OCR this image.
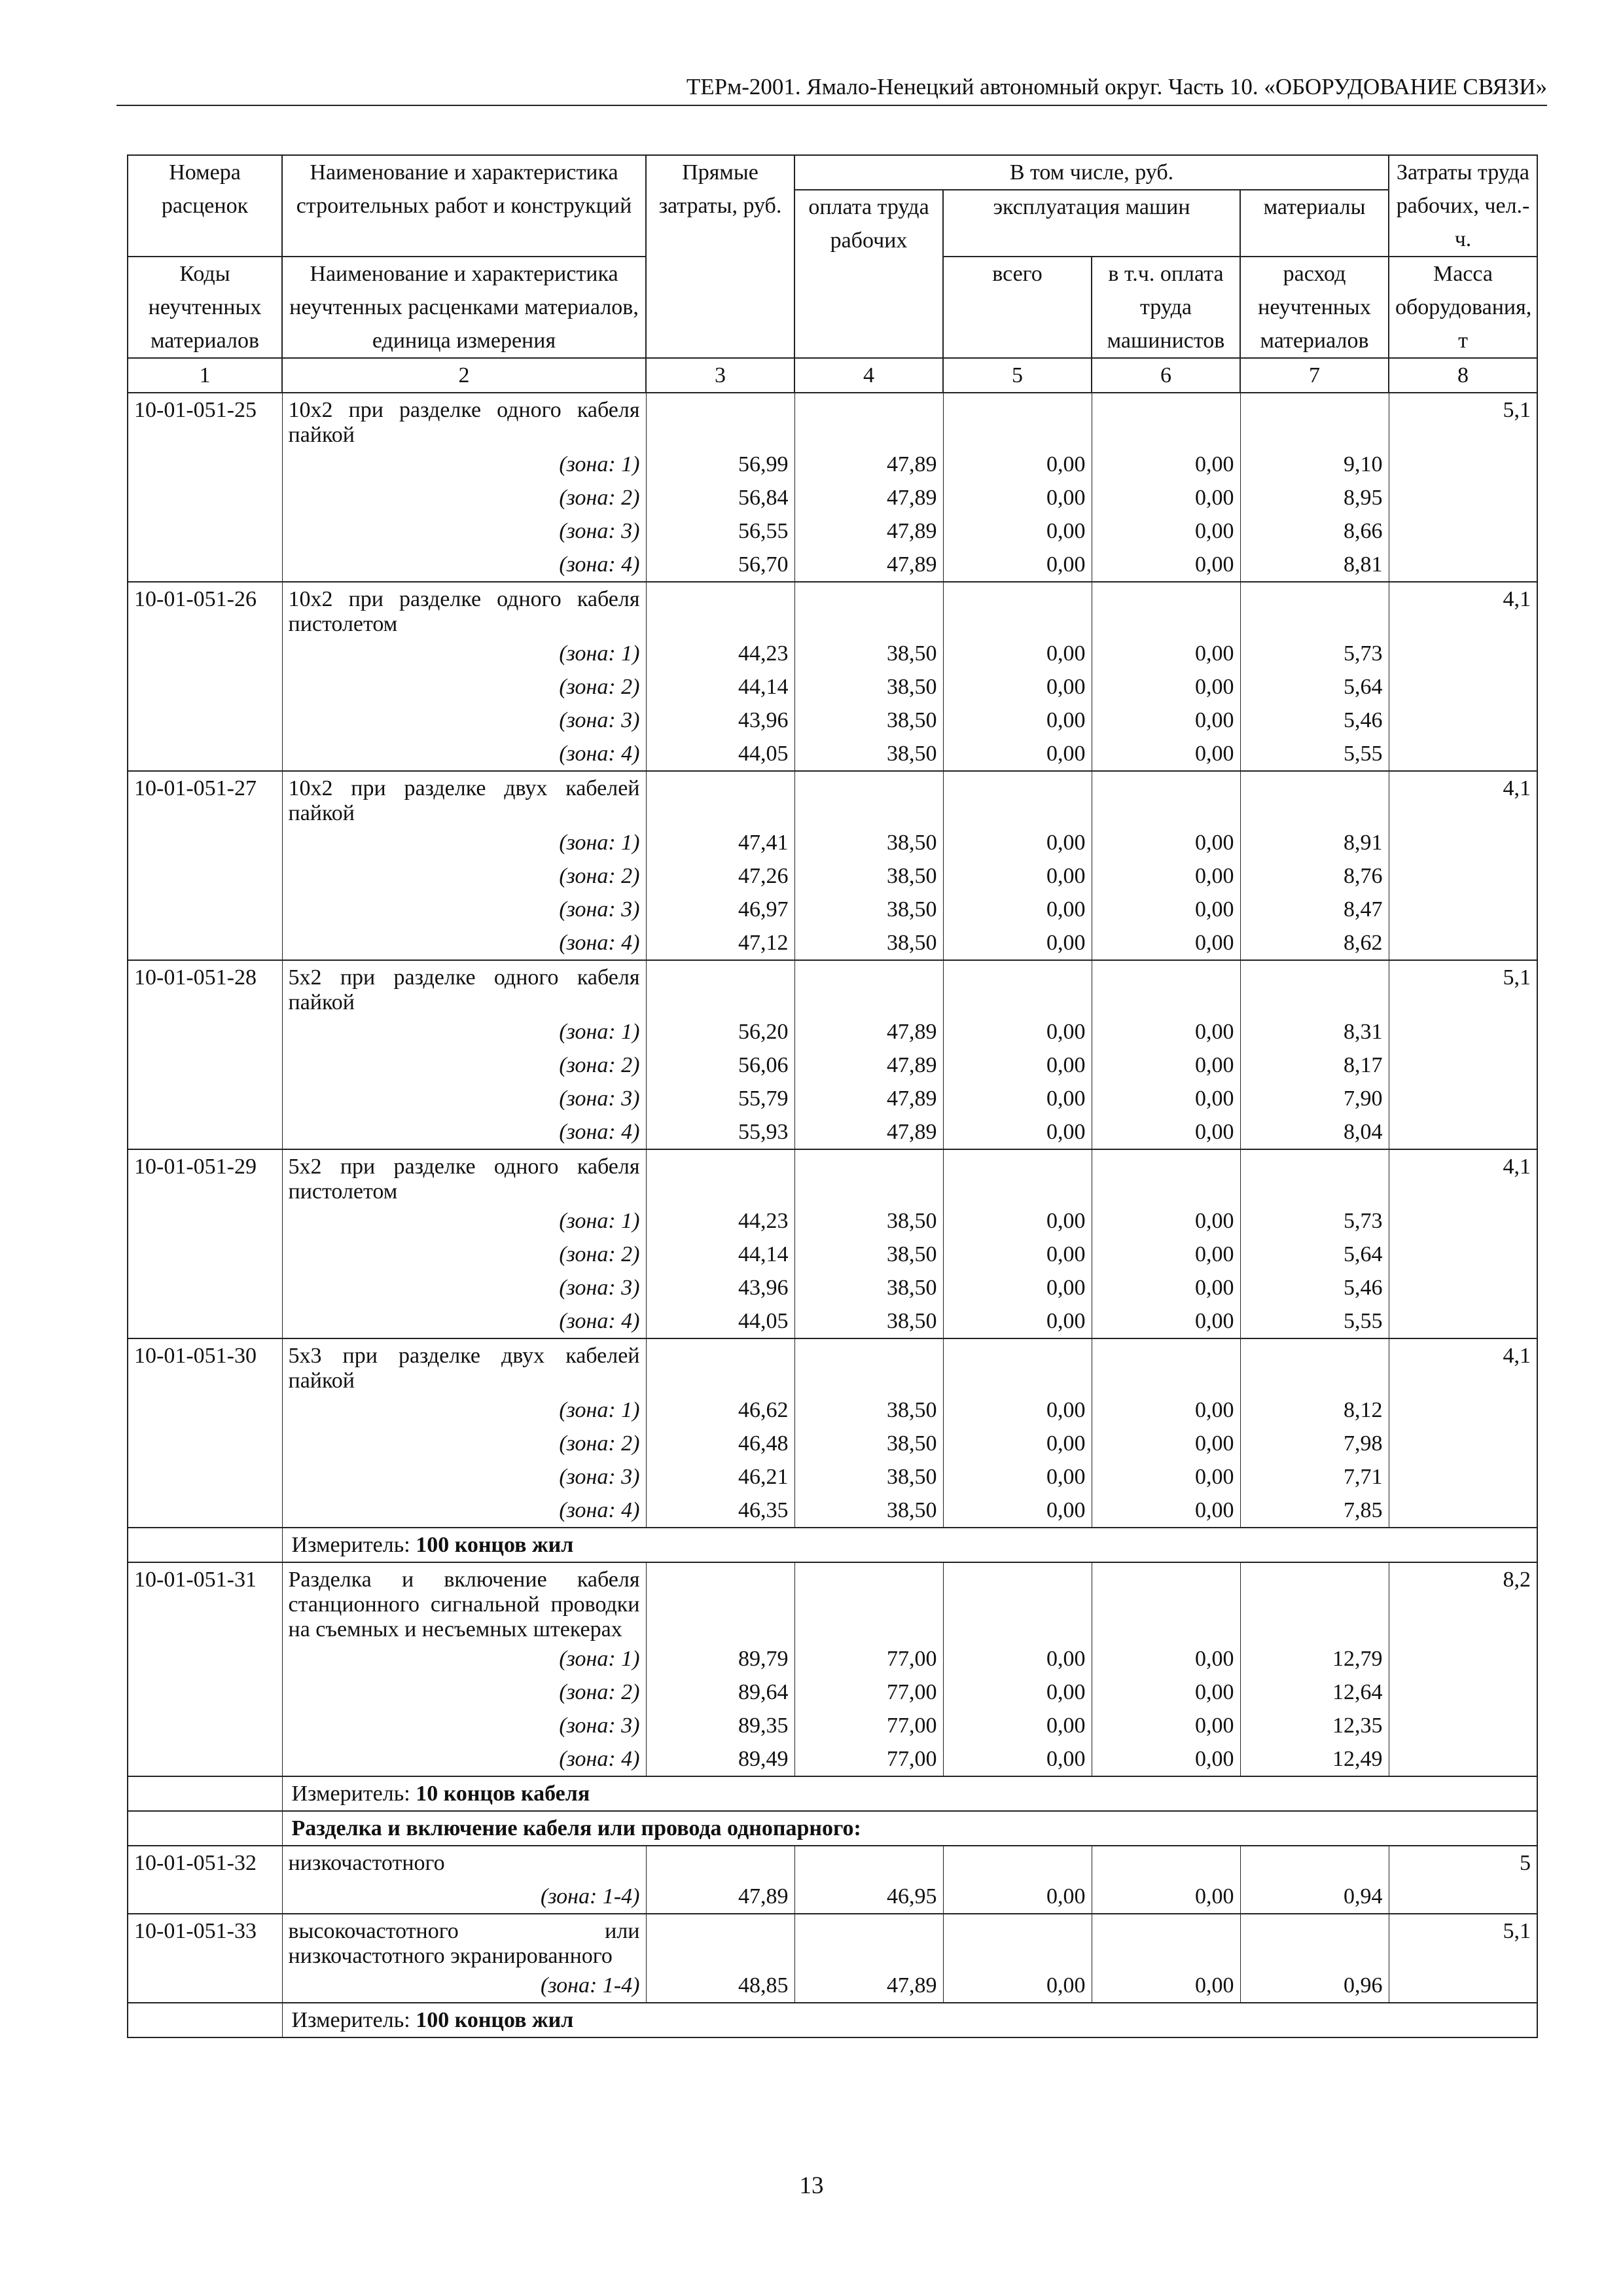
ТЕРм-2001. Ямало-Ненецкий автономный округ. Часть 10. «ОБОРУДОВАНИЕ СВЯЗИ»
Номера расценок	Наименование и характеристика строительных работ и конструкций	Прямые затраты, руб.	В том числе, руб.				Затраты труда рабочих, чел.-ч.
			оплата труда рабочих	эксплуатация машин		материалы	
Коды неучтенных материалов	Наименование и характеристика неучтенных расценками материалов, единица измерения			всего	в т.ч. оплата труда машинистов	расход неучтенных материалов	Масса оборудования, т

1	2	3	4	5	6	7	8
10-01-051-25	10х2 при разделке одного кабеля пайкой						5,1
	(зона: 1)	56,99	47,89	0,00	0,00	9,10	
	(зона: 2)	56,84	47,89	0,00	0,00	8,95	
	(зона: 3)	56,55	47,89	0,00	0,00	8,66	
	(зона: 4)	56,70	47,89	0,00	0,00	8,81	
10-01-051-26	10х2 при разделке одного кабеля пистолетом						4,1
	(зона: 1)	44,23	38,50	0,00	0,00	5,73	
	(зона: 2)	44,14	38,50	0,00	0,00	5,64	
	(зона: 3)	43,96	38,50	0,00	0,00	5,46	
	(зона: 4)	44,05	38,50	0,00	0,00	5,55	
10-01-051-27	10х2 при разделке двух кабелей пайкой						4,1
	(зона: 1)	47,41	38,50	0,00	0,00	8,91	
	(зона: 2)	47,26	38,50	0,00	0,00	8,76	
	(зона: 3)	46,97	38,50	0,00	0,00	8,47	
	(зона: 4)	47,12	38,50	0,00	0,00	8,62	
10-01-051-28	5х2 при разделке одного кабеля пайкой						5,1
	(зона: 1)	56,20	47,89	0,00	0,00	8,31	
	(зона: 2)	56,06	47,89	0,00	0,00	8,17	
	(зона: 3)	55,79	47,89	0,00	0,00	7,90	
	(зона: 4)	55,93	47,89	0,00	0,00	8,04	
10-01-051-29	5х2 при разделке одного кабеля пистолетом						4,1
	(зона: 1)	44,23	38,50	0,00	0,00	5,73	
	(зона: 2)	44,14	38,50	0,00	0,00	5,64	
	(зона: 3)	43,96	38,50	0,00	0,00	5,46	
	(зона: 4)	44,05	38,50	0,00	0,00	5,55	
10-01-051-30	5х3 при разделке двух кабелей пайкой						4,1
	(зона: 1)	46,62	38,50	0,00	0,00	8,12	
	(зона: 2)	46,48	38,50	0,00	0,00	7,98	
	(зона: 3)	46,21	38,50	0,00	0,00	7,71	
	(зона: 4)	46,35	38,50	0,00	0,00	7,85	
	Измеритель: 100 концов жил						
10-01-051-31	Разделка и включение кабеля станционного сигнальной проводки на съемных и несъемных штекерах						8,2
	(зона: 1)	89,79	77,00	0,00	0,00	12,79	
	(зона: 2)	89,64	77,00	0,00	0,00	12,64	
	(зона: 3)	89,35	77,00	0,00	0,00	12,35	
	(зона: 4)	89,49	77,00	0,00	0,00	12,49	
	Измеритель: 10 концов кабеля						
	Разделка и включение кабеля или провода однопарного:						
10-01-051-32	низкочастотного						5
	(зона: 1-4)	47,89	46,95	0,00	0,00	0,94	
10-01-051-33	высокочастотного или низкочастотного экранированного						5,1
	(зона: 1-4)	48,85	47,89	0,00	0,00	0,96	
	Измеритель: 100 концов жил						
13
